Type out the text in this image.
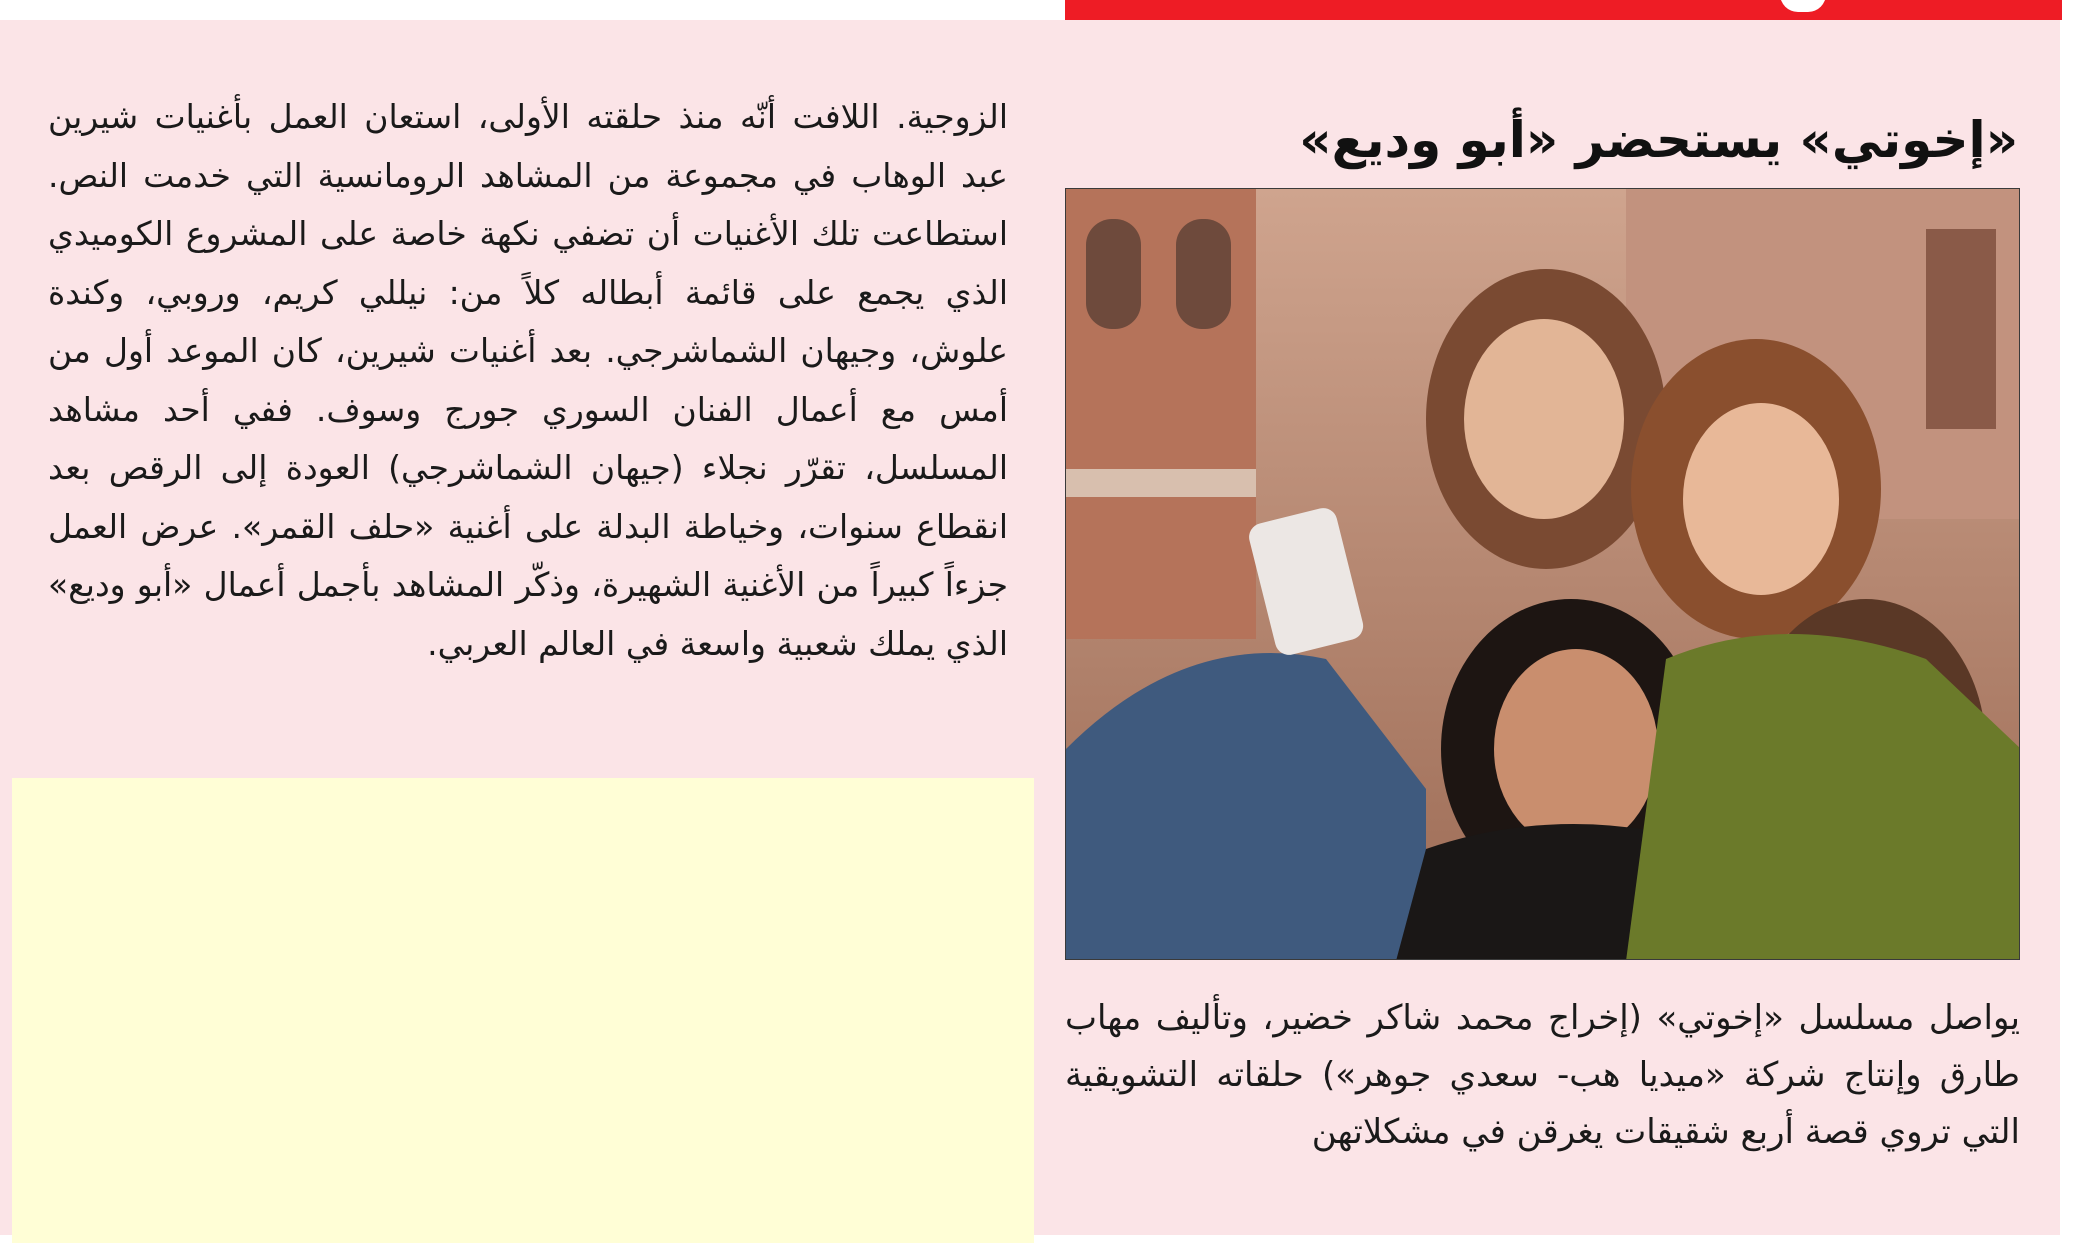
«إخوتي» يستحضر «أبو وديع»

يواصل مسلسل «إخوتي» (إخراج محمد شاكر خضير، وتأليف مهاب طارق وإنتاج شركة «ميديا هب- سعدي جوهر») حلقاته التشويقية التي تروي قصة أربع شقيقات يغرقن في مشكلاتهن

الزوجية. اللافت أنّه منذ حلقته الأولى، استعان العمل بأغنيات شيرين عبد الوهاب في مجموعة من المشاهد الرومانسية التي خدمت النص. استطاعت تلك الأغنيات أن تضفي نكهة خاصة على المشروع الكوميدي الذي يجمع على قائمة أبطاله كلاً من: نيللي كريم، وروبي، وكندة علوش، وجيهان الشماشرجي. بعد أغنيات شيرين، كان الموعد أول من أمس مع أعمال الفنان السوري جورج وسوف. ففي أحد مشاهد المسلسل، تقرّر نجلاء (جيهان الشماشرجي) العودة إلى الرقص بعد انقطاع سنوات، وخياطة البدلة على أغنية «حلف القمر». عرض العمل جزءاً كبيراً من الأغنية الشهيرة، وذكّر المشاهد بأجمل أعمال «أبو وديع» الذي يملك شعبية واسعة في العالم العربي.
